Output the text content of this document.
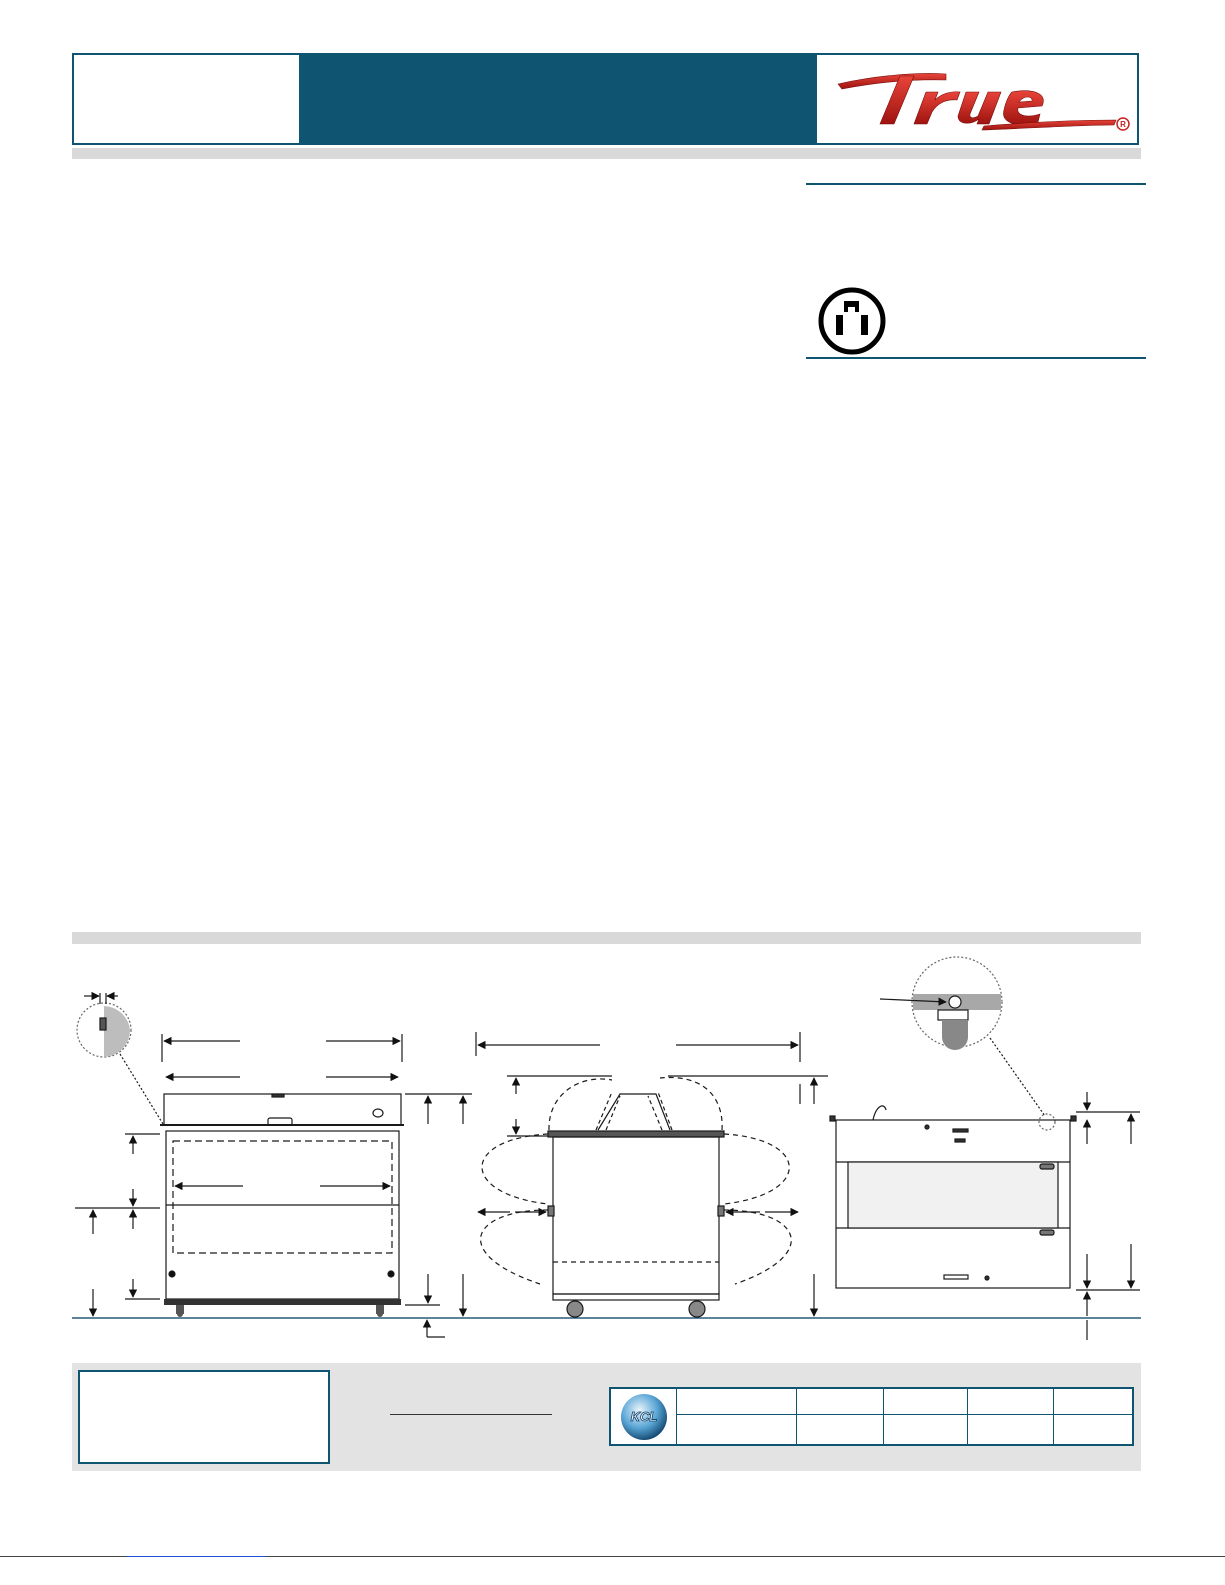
R
KCL
